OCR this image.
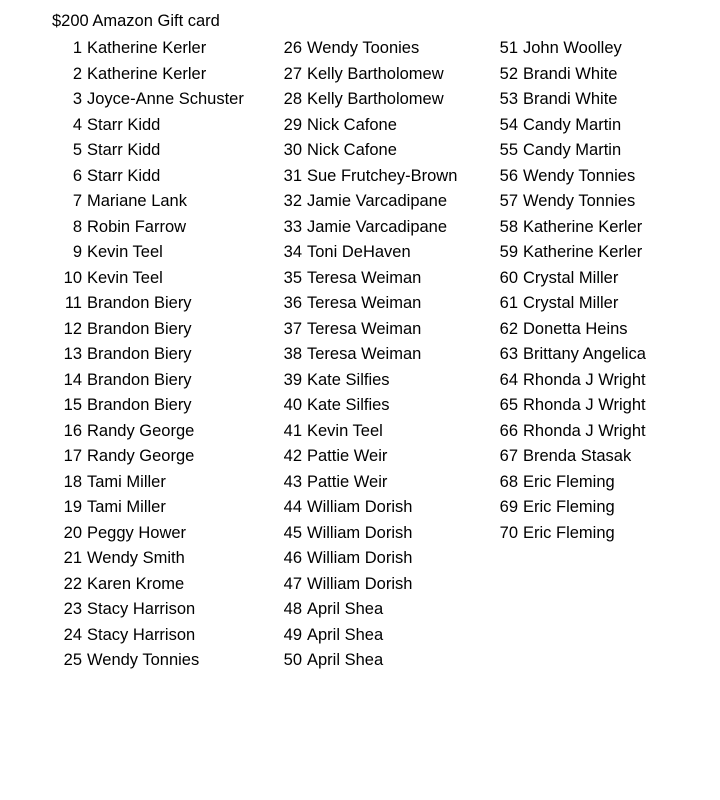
$200 Amazon Gift card
1 Katherine Kerler
2 Katherine Kerler
3 Joyce-Anne Schuster
4 Starr Kidd
5 Starr Kidd
6 Starr Kidd
7 Mariane Lank
8 Robin Farrow
9 Kevin Teel
10 Kevin Teel
11 Brandon Biery
12 Brandon Biery
13 Brandon Biery
14 Brandon Biery
15 Brandon Biery
16 Randy George
17 Randy George
18 Tami Miller
19 Tami Miller
20 Peggy Hower
21 Wendy Smith
22 Karen Krome
23 Stacy Harrison
24 Stacy Harrison
25 Wendy Tonnies
26 Wendy Toonies
27 Kelly Bartholomew
28 Kelly Bartholomew
29 Nick Cafone
30 Nick Cafone
31 Sue Frutchey-Brown
32 Jamie Varcadipane
33 Jamie Varcadipane
34 Toni DeHaven
35 Teresa Weiman
36 Teresa Weiman
37 Teresa Weiman
38 Teresa Weiman
39 Kate Silfies
40 Kate Silfies
41 Kevin Teel
42 Pattie Weir
43 Pattie Weir
44 William Dorish
45 William Dorish
46 William Dorish
47 William Dorish
48 April Shea
49 April Shea
50 April Shea
51 John Woolley
52 Brandi White
53 Brandi White
54 Candy Martin
55 Candy Martin
56 Wendy Tonnies
57 Wendy Tonnies
58 Katherine Kerler
59 Katherine Kerler
60 Crystal Miller
61 Crystal Miller
62 Donetta Heins
63 Brittany Angelica
64 Rhonda J Wright
65 Rhonda J Wright
66 Rhonda J Wright
67 Brenda Stasak
68 Eric Fleming
69 Eric Fleming
70 Eric Fleming
